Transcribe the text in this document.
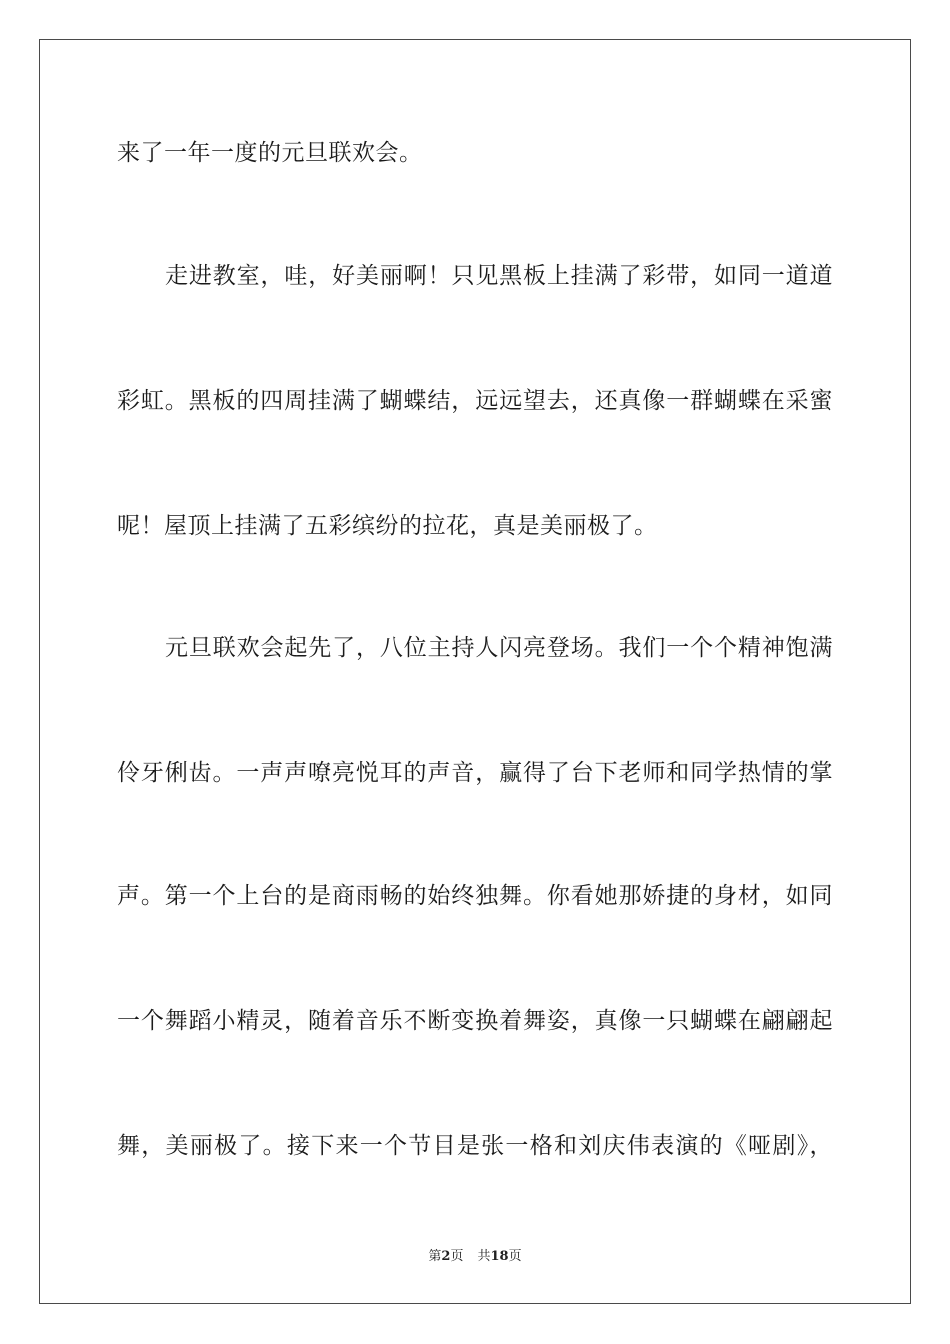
来了一年一度的元旦联欢会。
走进教室，哇，好美丽啊！只见黑板上挂满了彩带，如同一道道
彩虹。黑板的四周挂满了蝴蝶结，远远望去，还真像一群蝴蝶在采蜜
呢！屋顶上挂满了五彩缤纷的拉花，真是美丽极了。
元旦联欢会起先了，八位主持人闪亮登场。我们一个个精神饱满
伶牙俐齿。一声声嘹亮悦耳的声音，赢得了台下老师和同学热情的掌
声。第一个上台的是商雨畅的始终独舞。你看她那娇捷的身材，如同
一个舞蹈小精灵，随着音乐不断变换着舞姿，真像一只蝴蝶在翩翩起
舞，美丽极了。接下来一个节目是张一格和刘庆伟表演的《哑剧》，
第2页 共18页
